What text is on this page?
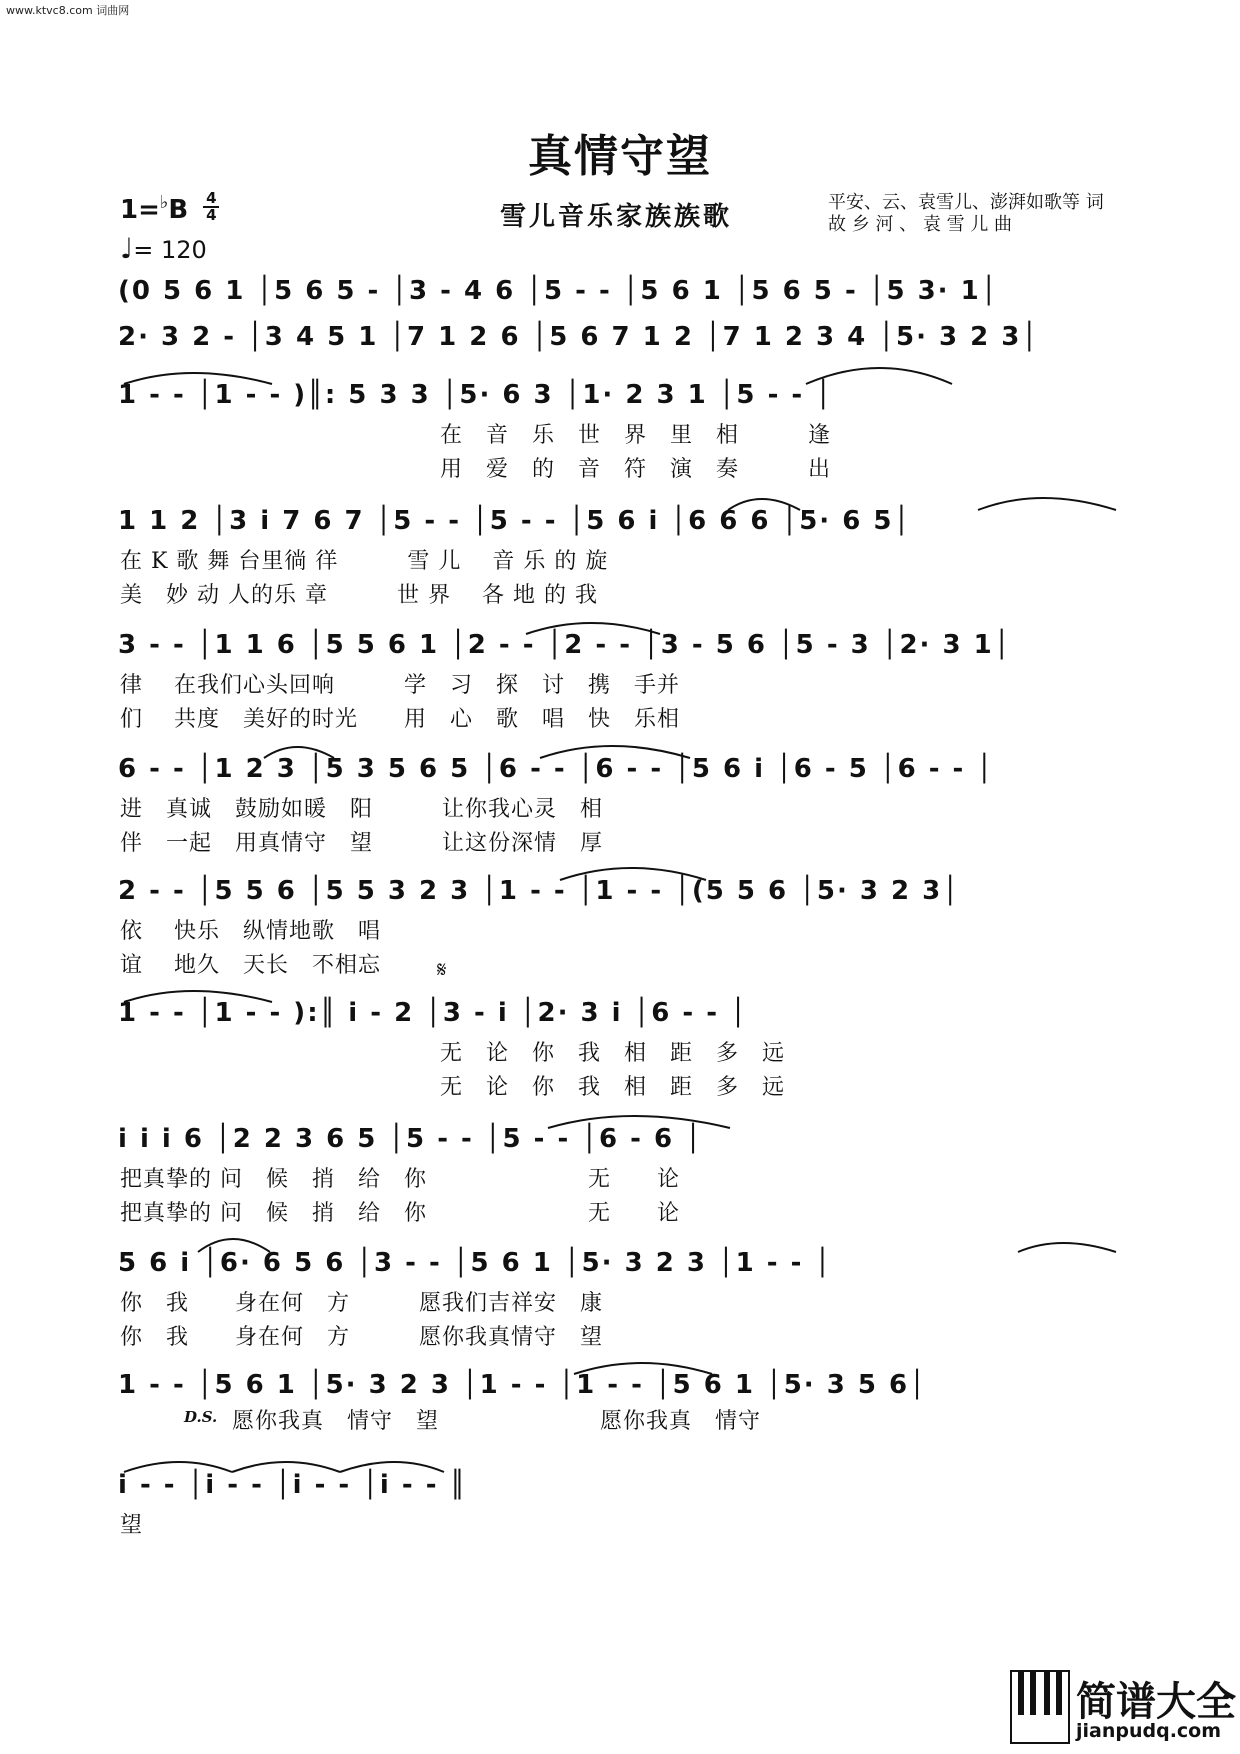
www.ktvc8.com 词曲网
真情守望
$1=^♭B \frac{4}{4}$
♩= 120
雪儿音乐家族族歌	平安、云、袁雪儿、澎湃如歌等 词
故 乡 河 、 袁 雪 儿 曲
(0 5 6 1 │5 6 5 - │3 - 4 6 │5 - - │5 6 1 │5 6 5 - │5 3· 1│
2· 3 2 - │3 4 5 1 │7 1 2 6 │5 6 7 1 2 │7 1 2 3 4 │5· 3 2 3│
1 - - │1 - - )║: 5 3 3 │5· 6 3 │1· 2 3 1 │5 - - │
在　音　乐　世　界　里　相　　　逢
用　爱　的　音　符　演　奏　　　出
1 1 2 │3 i 7 6 7 │5 - - │5 - - │5 6 i │6 6 6 │5· 6 5│
在 K 歌 舞 台里徜 徉　　　雪 儿　 音 乐 的 旋
美　妙 动 人的乐 章　　　世 界　 各 地 的 我
3 - - │1 1 6 │5 5 6 1 │2 - - │2 - - │3 - 5 6 │5 - 3 │2· 3 1│
律　 在我们心头回响　　　学　习　探　讨　携　手并
们　 共度　美好的时光　　用　心　歌　唱　快　乐相
6 - - │1 2 3 │5 3 5 6 5 │6 - - │6 - - │5 6 i │6 - 5 │6 - - │
进　真诚　鼓励如暖　阳　　　让你我心灵　相
伴　一起　用真情守　望　　　让这份深情　厚
2 - - │5 5 6 │5 5 3 2 3 │1 - - │1 - - │(5 5 6 │5· 3 2 3│
依　 快乐　纵情地歌　唱
谊　 地久　天长　不相忘	𝄋
1 - - │1 - - ):║ i - 2 │3 - i │2· 3 i │6 - - │
无　论　你　我　相　距　多　远
无　论　你　我　相　距　多　远
i i i 6 │2 2 3 6 5 │5 - - │5 - - │6 - 6 │
把真挚的 问　候　捎　给　你　　　　　　　无　　论
把真挚的 问　候　捎　给　你　　　　　　　无　　论
5 6 i │6· 6 5 6 │3 - - │5 6 1 │5· 3 2 3 │1 - - │
你　我　　身在何　方　　　愿我们吉祥安　康
你　我　　身在何　方　　　愿你我真情守　望
1 - - │5 6 1 │5· 3 2 3 │1 - - │1 - - │5 6 1 │5· 3 5 6│
D.S. 愿你我真　情守　望　　　　　　　愿你我真　情守
i - - │i - - │i - - │i - - ║
望
简谱大全
jianpudq.com
